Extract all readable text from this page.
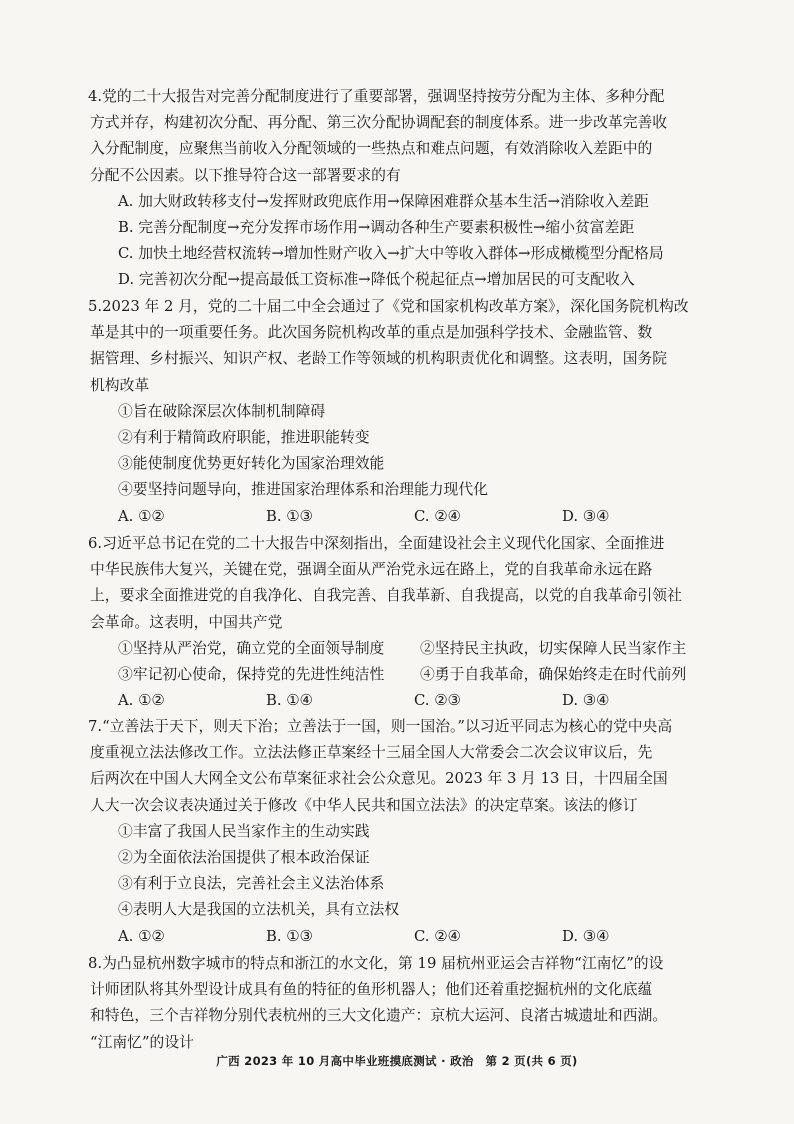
4.党的二十大报告对完善分配制度进行了重要部署，强调坚持按劳分配为主体、多种分配
方式并存，构建初次分配、再分配、第三次分配协调配套的制度体系。进一步改革完善收
入分配制度，应聚焦当前收入分配领域的一些热点和难点问题，有效消除收入差距中的
分配不公因素。以下推导符合这一部署要求的有
A. 加大财政转移支付→发挥财政兜底作用→保障困难群众基本生活→消除收入差距
B. 完善分配制度→充分发挥市场作用→调动各种生产要素积极性→缩小贫富差距
C. 加快土地经营权流转→增加性财产收入→扩大中等收入群体→形成橄榄型分配格局
D. 完善初次分配→提高最低工资标准→降低个税起征点→增加居民的可支配收入
5.2023 年 2 月，党的二十届二中全会通过了《党和国家机构改革方案》，深化国务院机构改
革是其中的一项重要任务。此次国务院机构改革的重点是加强科学技术、金融监管、数
据管理、乡村振兴、知识产权、老龄工作等领域的机构职责优化和调整。这表明，国务院
机构改革
①旨在破除深层次体制机制障碍
②有利于精简政府职能，推进职能转变
③能使制度优势更好转化为国家治理效能
④要坚持问题导向，推进国家治理体系和治理能力现代化
A. ①②	B. ①③	C. ②④	D. ③④
6.习近平总书记在党的二十大报告中深刻指出，全面建设社会主义现代化国家、全面推进
中华民族伟大复兴，关键在党，强调全面从严治党永远在路上，党的自我革命永远在路
上，要求全面推进党的自我净化、自我完善、自我革新、自我提高，以党的自我革命引领社
会革命。这表明，中国共产党
①坚持从严治党，确立党的全面领导制度	②坚持民主执政，切实保障人民当家作主
③牢记初心使命，保持党的先进性纯洁性	④勇于自我革命，确保始终走在时代前列
A. ①②	B. ①④	C. ②③	D. ③④
7.“立善法于天下，则天下治；立善法于一国，则一国治。”以习近平同志为核心的党中央高
度重视立法法修改工作。立法法修正草案经十三届全国人大常委会二次会议审议后，先
后两次在中国人大网全文公布草案征求社会公众意见。2023 年 3 月 13 日，十四届全国
人大一次会议表决通过关于修改《中华人民共和国立法法》的决定草案。该法的修订
①丰富了我国人民当家作主的生动实践
②为全面依法治国提供了根本政治保证
③有利于立良法，完善社会主义法治体系
④表明人大是我国的立法机关，具有立法权
A. ①②	B. ①③	C. ②④	D. ③④
8.为凸显杭州数字城市的特点和浙江的水文化，第 19 届杭州亚运会吉祥物“江南忆”的设
计师团队将其外型设计成具有鱼的特征的鱼形机器人；他们还着重挖掘杭州的文化底蕴
和特色，三个吉祥物分别代表杭州的三大文化遗产：京杭大运河、良渚古城遗址和西湖。
“江南忆”的设计
广西 2023 年 10 月高中毕业班摸底测试 · 政治　第 2 页(共 6 页)
